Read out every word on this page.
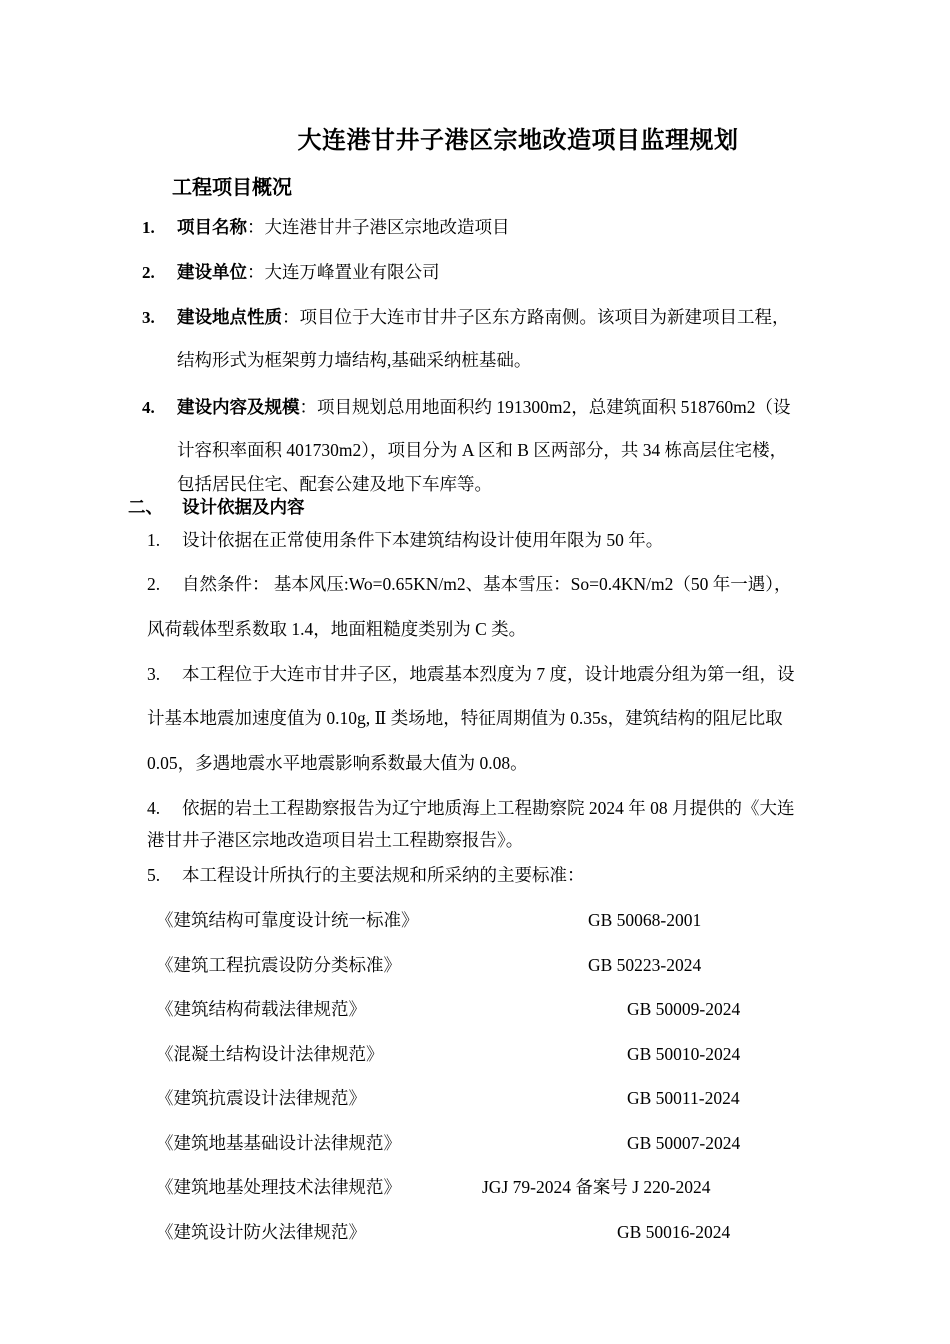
大连港甘井子港区宗地改造项目监理规划
工程项目概况
1. 项目名称：大连港甘井子港区宗地改造项目
2. 建设单位：大连万峰置业有限公司
3. 建设地点性质：项目位于大连市甘井子区东方路南侧。该项目为新建项目工程，
结构形式为框架剪力墙结构,基础采纳桩基础。
4. 建设内容及规模：项目规划总用地面积约 191300m2，总建筑面积 518760m2（设
计容积率面积 401730m2），项目分为 A 区和 B 区两部分，共 34 栋高层住宅楼，
包括居民住宅、配套公建及地下车库等。
二、 设计依据及内容
1. 设计依据在正常使用条件下本建筑结构设计使用年限为 50 年。
2. 自然条件： 基本风压:Wo=0.65KN/m2、基本雪压：So=0.4KN/m2（50 年一遇），
风荷载体型系数取 1.4，地面粗糙度类别为 C 类。
3. 本工程位于大连市甘井子区，地震基本烈度为 7 度，设计地震分组为第一组，设
计基本地震加速度值为 0.10g, Ⅱ 类场地，特征周期值为 0.35s，建筑结构的阻尼比取
0.05，多遇地震水平地震影响系数最大值为 0.08。
4. 依据的岩土工程勘察报告为辽宁地质海上工程勘察院 2024 年 08 月提供的《大连
港甘井子港区宗地改造项目岩土工程勘察报告》。
5. 本工程设计所执行的主要法规和所采纳的主要标准：
《建筑结构可靠度设计统一标准》	GB 50068-2001
《建筑工程抗震设防分类标准》	GB 50223-2024
《建筑结构荷载法律规范》	GB 50009-2024
《混凝土结构设计法律规范》	GB 50010-2024
《建筑抗震设计法律规范》	GB 50011-2024
《建筑地基基础设计法律规范》	GB 50007-2024
《建筑地基处理技术法律规范》	JGJ 79-2024 备案号 J 220-2024
《建筑设计防火法律规范》	GB 50016-2024
